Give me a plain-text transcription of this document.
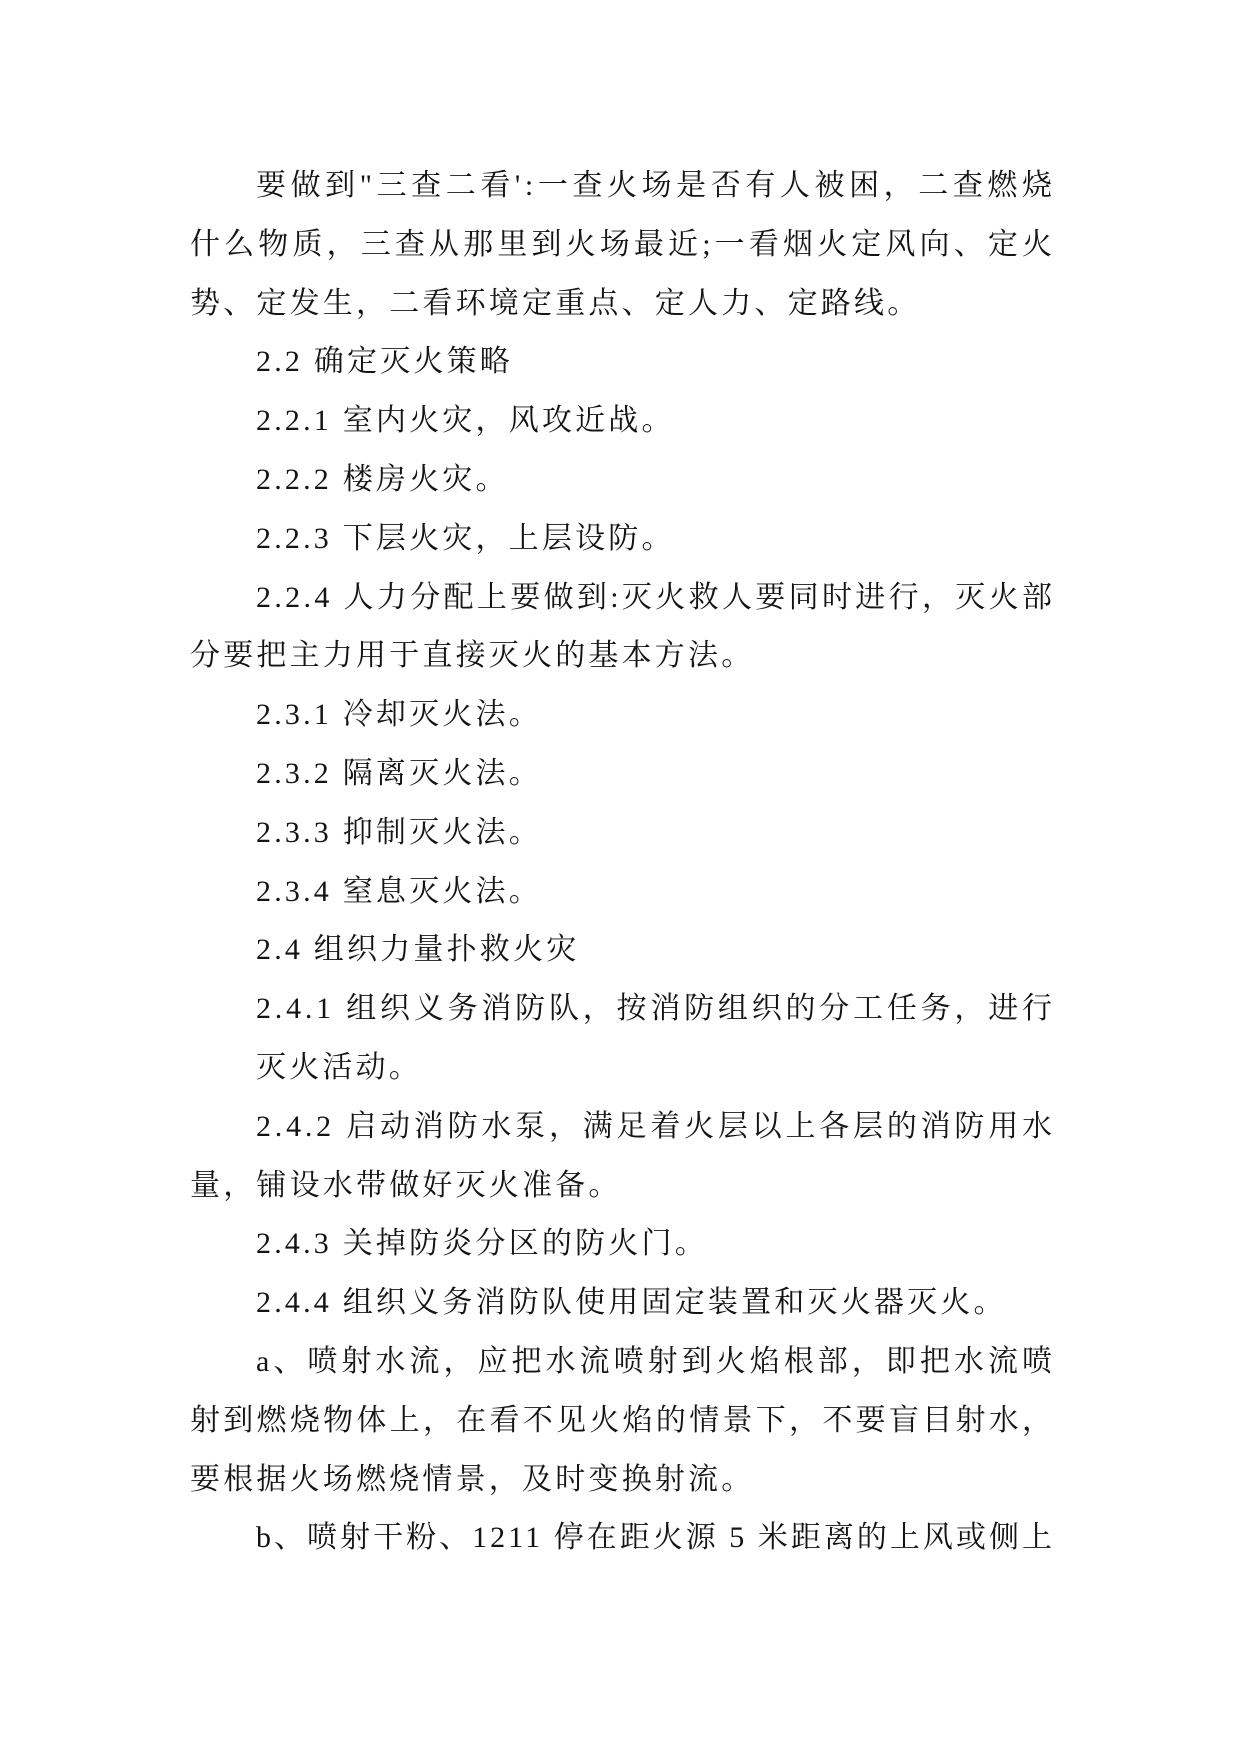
要做到"三查二看':一查火场是否有人被困，二查燃烧
什么物质，三查从那里到火场最近;一看烟火定风向、定火
势、定发生，二看环境定重点、定人力、定路线。
2.2 确定灭火策略
2.2.1 室内火灾，风攻近战。
2.2.2 楼房火灾。
2.2.3 下层火灾，上层设防。
2.2.4 人力分配上要做到:灭火救人要同时进行，灭火部
分要把主力用于直接灭火的基本方法。
2.3.1 冷却灭火法。
2.3.2 隔离灭火法。
2.3.3 抑制灭火法。
2.3.4 窒息灭火法。
2.4 组织力量扑救火灾
2.4.1 组织义务消防队，按消防组织的分工任务，进行
灭火活动。
2.4.2 启动消防水泵，满足着火层以上各层的消防用水
量，铺设水带做好灭火准备。
2.4.3 关掉防炎分区的防火门。
2.4.4 组织义务消防队使用固定装置和灭火器灭火。
a、喷射水流，应把水流喷射到火焰根部，即把水流喷
射到燃烧物体上，在看不见火焰的情景下，不要盲目射水，
要根据火场燃烧情景，及时变换射流。
b、喷射干粉、1211 停在距火源 5 米距离的上风或侧上
